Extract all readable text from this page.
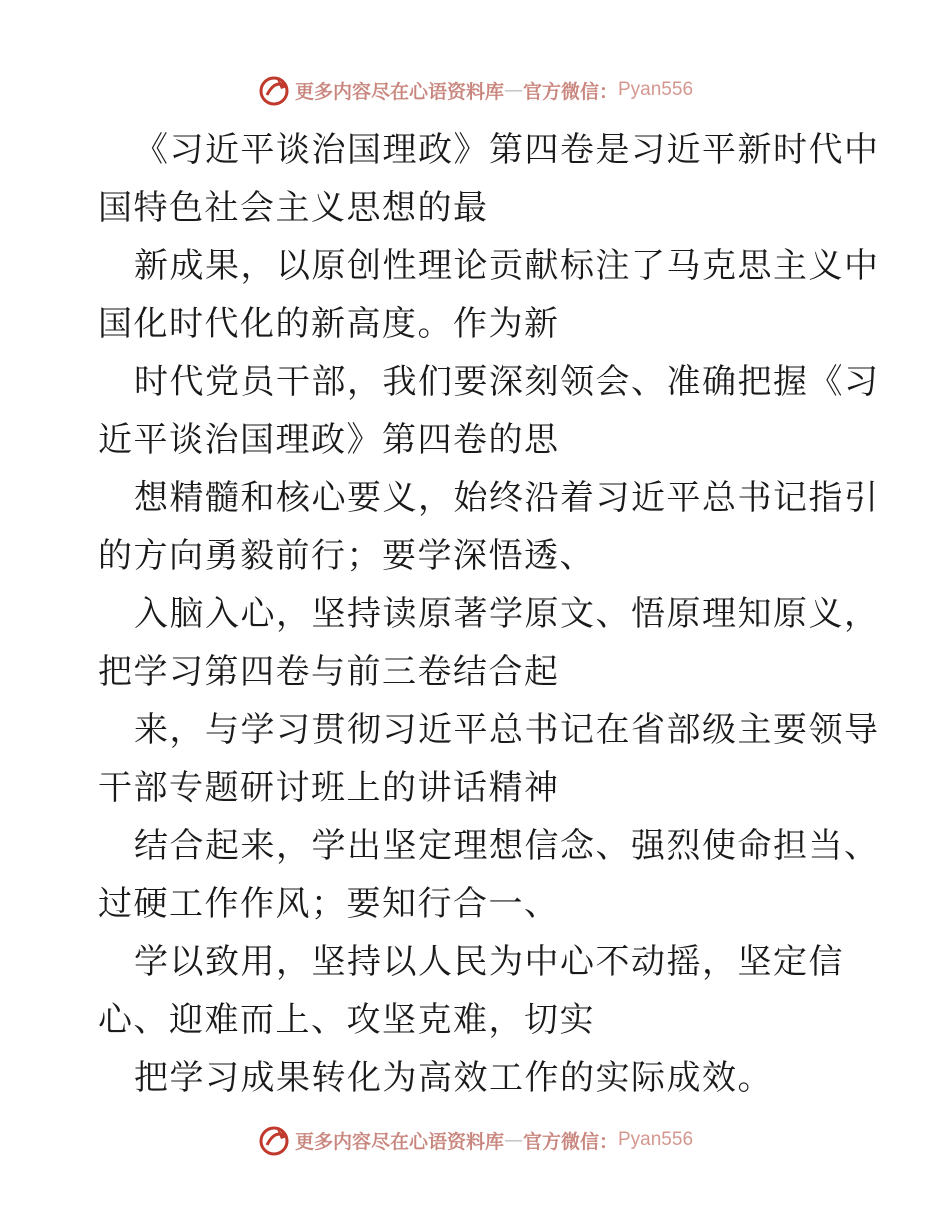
更多内容尽在心语资料库 — 官方微信： Pyan556

《习近平谈治国理政》第四卷是习近平新时代中

国特色社会主义思想的最

新成果，以原创性理论贡献标注了马克思主义中

国化时代化的新高度。作为新

时代党员干部，我们要深刻领会、准确把握《习

近平谈治国理政》第四卷的思

想精髓和核心要义，始终沿着习近平总书记指引

的方向勇毅前行；要学深悟透、

入脑入心，坚持读原著学原文、悟原理知原义，

把学习第四卷与前三卷结合起

来，与学习贯彻习近平总书记在省部级主要领导

干部专题研讨班上的讲话精神

结合起来，学出坚定理想信念、强烈使命担当、

过硬工作作风；要知行合一、

学以致用，坚持以人民为中心不动摇，坚定信

心、迎难而上、攻坚克难，切实

把学习成果转化为高效工作的实际成效。

更多内容尽在心语资料库 — 官方微信： Pyan556
